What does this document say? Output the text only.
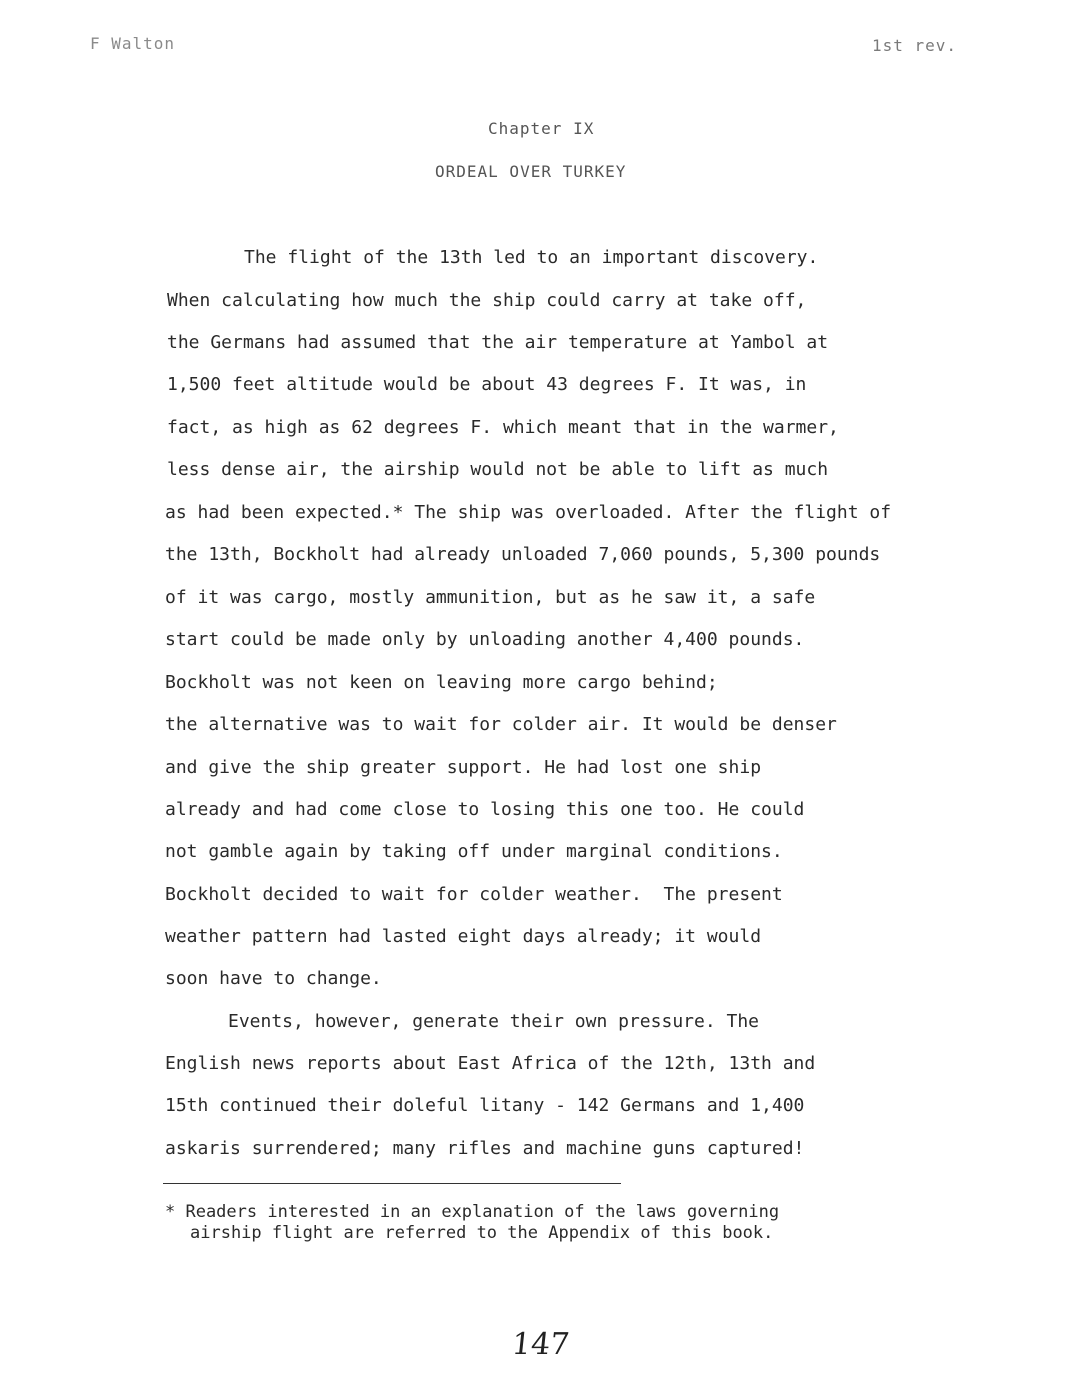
F Walton	1st rev.
Chapter IX
ORDEAL OVER TURKEY
The flight of the 13th led to an important discovery.
When calculating how much the ship could carry at take off,
the Germans had assumed that the air temperature at Yambol at
1,500 feet altitude would be about 43 degrees F. It was, in
fact, as high as 62 degrees F. which meant that in the warmer,
less dense air, the airship would not be able to lift as much
as had been expected.* The ship was overloaded. After the flight of
the 13th, Bockholt had already unloaded 7,060 pounds, 5,300 pounds
of it was cargo, mostly ammunition, but as he saw it, a safe
start could be made only by unloading another 4,400 pounds.
Bockholt was not keen on leaving more cargo behind;
the alternative was to wait for colder air. It would be denser
and give the ship greater support. He had lost one ship
already and had come close to losing this one too. He could
not gamble again by taking off under marginal conditions.
Bockholt decided to wait for colder weather.  The present
weather pattern had lasted eight days already; it would
soon have to change.
Events, however, generate their own pressure. The
English news reports about East Africa of the 12th, 13th and
15th continued their doleful litany - 142 Germans and 1,400
askaris surrendered; many rifles and machine guns captured!
* Readers interested in an explanation of the laws governing
airship flight are referred to the Appendix of this book.
147
